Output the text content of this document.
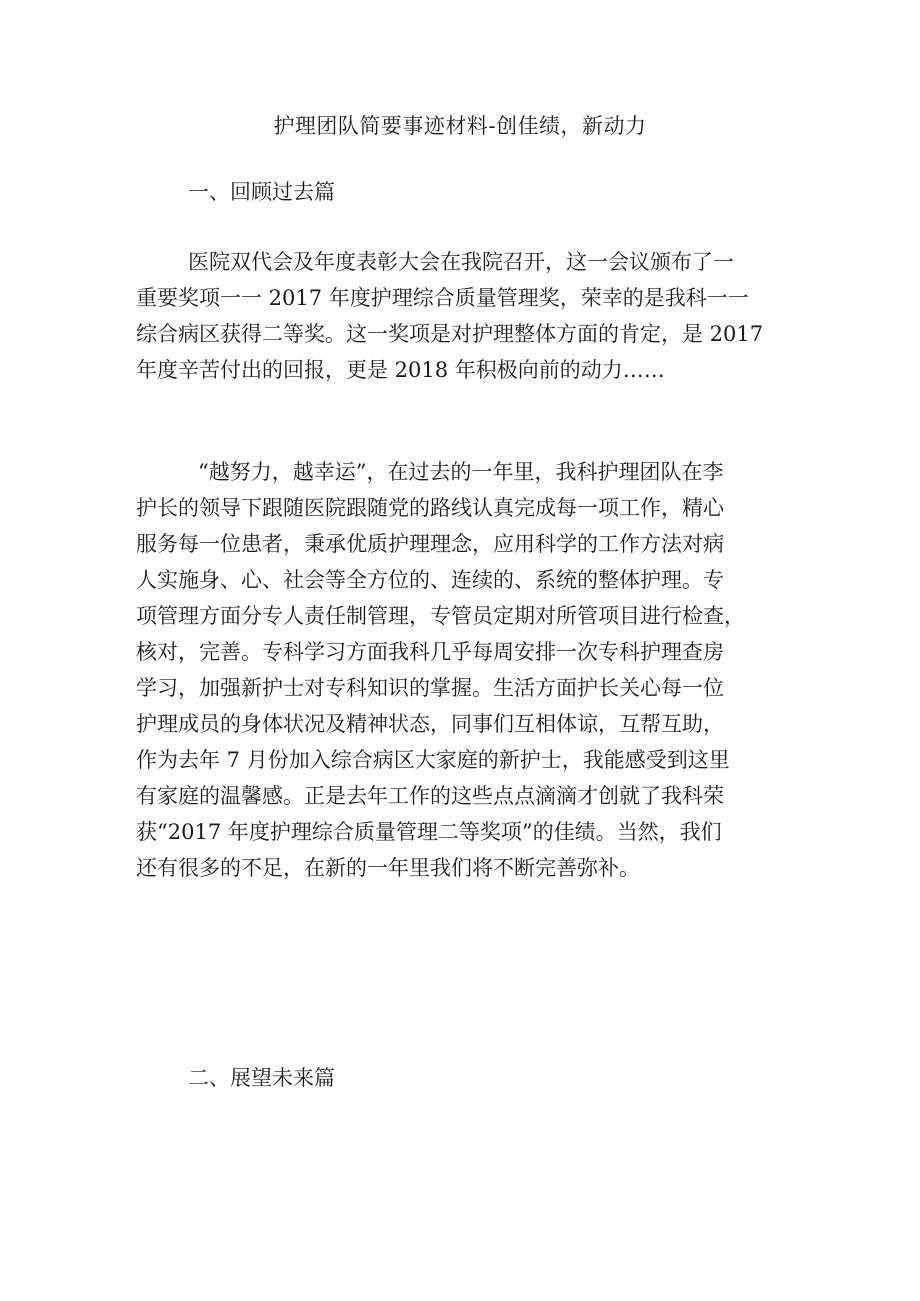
护理团队简要事迹材料-创佳绩，新动力
一、回顾过去篇
医院双代会及年度表彰大会在我院召开，这一会议颁布了一
重要奖项一一 2017 年度护理综合质量管理奖，荣幸的是我科一一
综合病区获得二等奖。这一奖项是对护理整体方面的肯定，是 2017
年度辛苦付出的回报，更是 2018 年积极向前的动力……
“越努力，越幸运”，在过去的一年里，我科护理团队在李
护长的领导下跟随医院跟随党的路线认真完成每一项工作，精心
服务每一位患者，秉承优质护理理念，应用科学的工作方法对病
人实施身、心、社会等全方位的、连续的、系统的整体护理。专
项管理方面分专人责任制管理，专管员定期对所管项目进行检查，
核对，完善。专科学习方面我科几乎每周安排一次专科护理查房
学习，加强新护士对专科知识的掌握。生活方面护长关心每一位
护理成员的身体状况及精神状态，同事们互相体谅，互帮互助，
作为去年 7 月份加入综合病区大家庭的新护士，我能感受到这里
有家庭的温馨感。正是去年工作的这些点点滴滴才创就了我科荣
获“2017 年度护理综合质量管理二等奖项”的佳绩。当然，我们
还有很多的不足，在新的一年里我们将不断完善弥补。
二、展望未来篇
